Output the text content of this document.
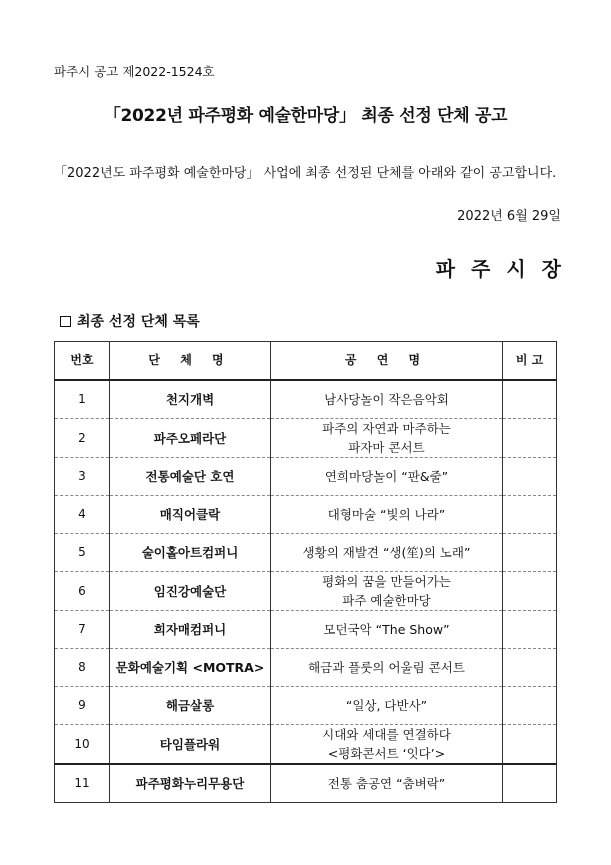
파주시 공고 제2022-1524호
「2022년 파주평화 예술한마당」 최종 선정 단체 공고
「2022년도 파주평화 예술한마당」 사업에 최종 선정된 단체를 아래와 같이 공고합니다.
2022년 6월 29일
파주시장
최종 선정 단체 목록
번호	단 체 명	공 연 명	비 고
1	천지개벽	남사당놀이 작은음악회	
2	파주오페라단	파주의 자연과 마주하는
파자마 콘서트	
3	전통예술단 호연	연희마당놀이 “판&줄”	
4	매직어클락	대형마술 “빛의 나라”	
5	술이홀아트컴퍼니	생황의 재발견 “생(笙)의 노래”	
6	임진강예술단	평화의 꿈을 만들어가는
파주 예술한마당	
7	희자매컴퍼니	모던국악 “The Show”	
8	문화예술기획 <MOTRA>	해금과 플룻의 어울림 콘서트	
9	해금살롱	“일상, 다반사”	
10	타임플라워	시대와 세대를 연결하다
<평화콘서트 ‘잇다’>	
11	파주평화누리무용단	전통 춤공연 “춤벼락”	
